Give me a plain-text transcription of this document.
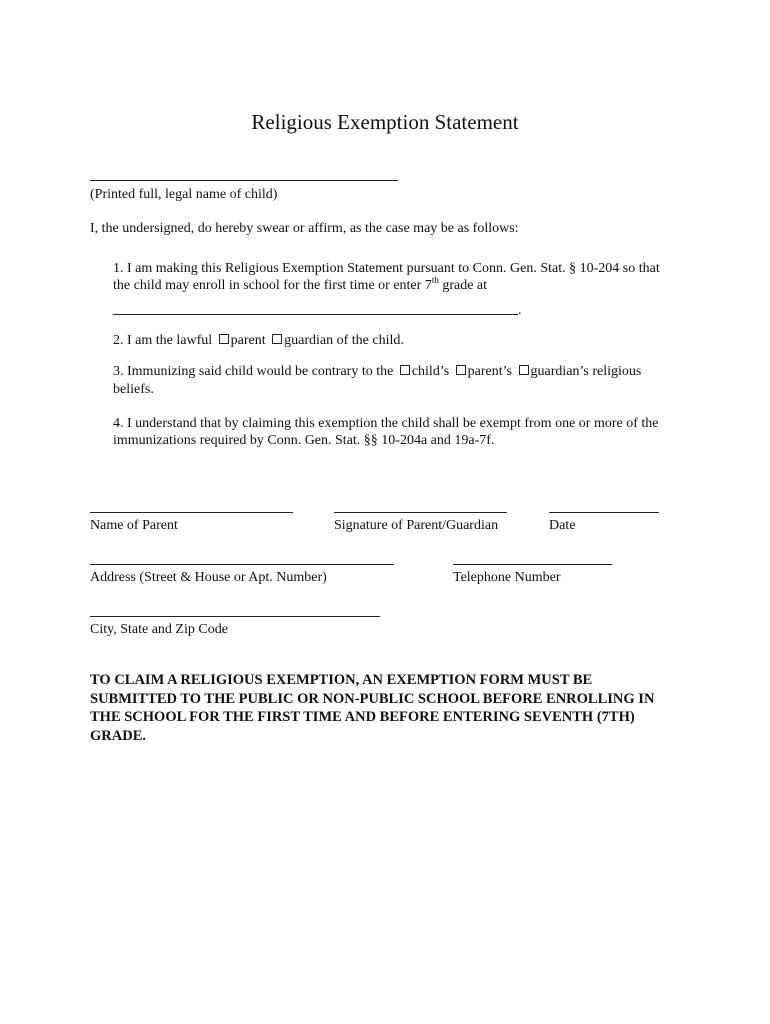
Religious Exemption Statement
(Printed full, legal name of child)
I, the undersigned, do hereby swear or affirm, as the case may be as follows:
1. I am making this Religious Exemption Statement pursuant to Conn. Gen. Stat. § 10-204 so that
the child may enroll in school for the first time or enter 7th grade at
.
2. I am the lawful parent guardian of the child.
3. Immunizing said child would be contrary to the child’s parent’s guardian’s religious
beliefs.
4. I understand that by claiming this exemption the child shall be exempt from one or more of the
immunizations required by Conn. Gen. Stat. §§ 10-204a and 19a-7f.
Name of Parent	Signature of Parent/Guardian	Date
Address (Street & House or Apt. Number)	Telephone Number
City, State and Zip Code
TO CLAIM A RELIGIOUS EXEMPTION, AN EXEMPTION FORM MUST BE SUBMITTED TO THE PUBLIC OR NON-PUBLIC SCHOOL BEFORE ENROLLING IN THE SCHOOL FOR THE FIRST TIME AND BEFORE ENTERING SEVENTH (7TH) GRADE.
